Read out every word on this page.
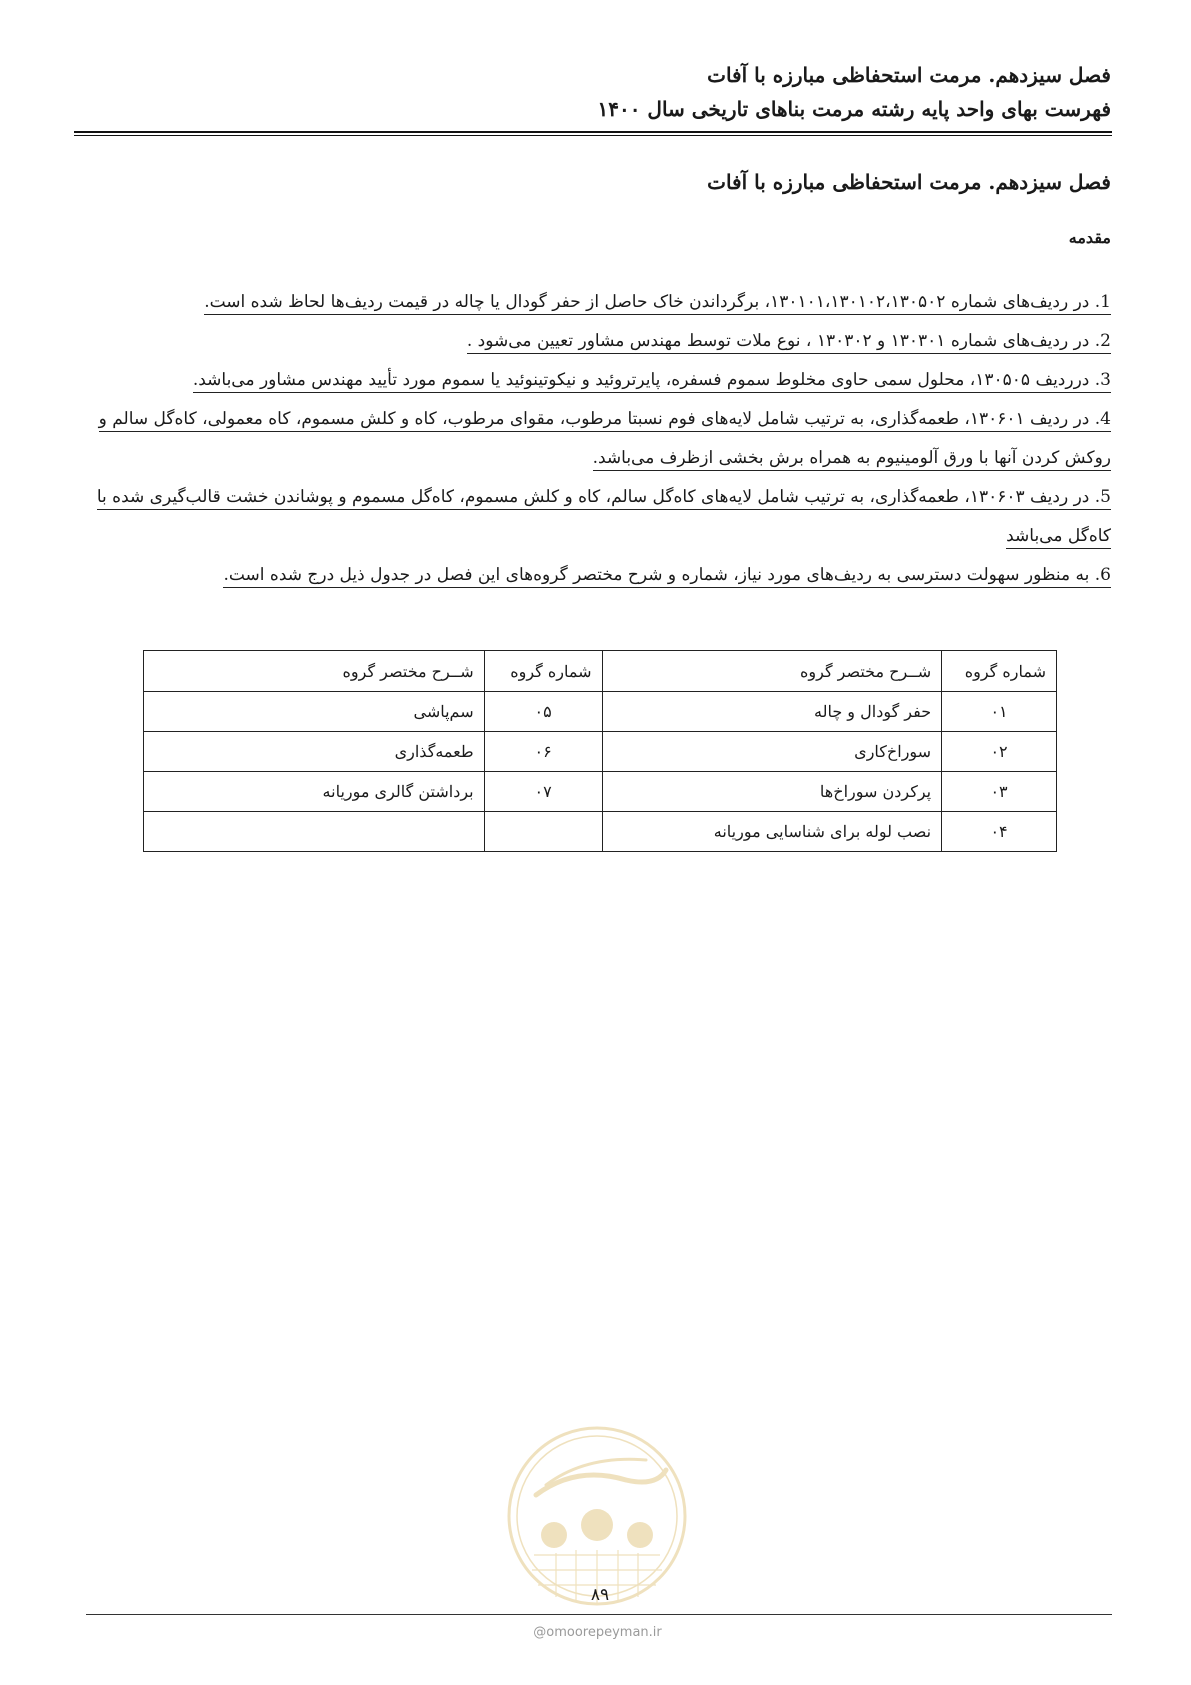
فصل سیزدهم. مرمت استحفاظی مبارزه با آفات
فهرست بهای واحد پایه رشته مرمت بناهای تاریخی سال ۱۴۰۰
فصل سیزدهم. مرمت استحفاظی مبارزه با آفات
مقدمه
1. در ردیف‌های شماره ۱۳۰۱۰۱،۱۳۰۱۰۲،۱۳۰۵۰۲، برگرداندن خاک حاصل از حفر گودال یا چاله در قیمت ردیف‌ها لحاظ شده است.
2. در ردیف‌های شماره ۱۳۰۳۰۱ و ۱۳۰۳۰۲ ، نوع ملات توسط مهندس مشاور تعیین می‌شود .
3. درردیف ۱۳۰۵۰۵، محلول سمی حاوی مخلوط سموم فسفره، پایرتروئید و نیکوتینوئید یا سموم مورد تأیید مهندس مشاور می‌باشد.
4. در ردیف ۱۳۰۶۰۱، طعمه‌گذاری، به ترتیب شامل لایه‌های فوم نسبتا مرطوب، مقوای مرطوب، کاه و کلش مسموم، کاه معمولی، کاه‌گل سالم و روکش کردن آنها با ورق آلومینیوم به همراه برش بخشی ازظرف می‌باشد.
5. در ردیف ۱۳۰۶۰۳، طعمه‌گذاری، به ترتیب شامل لایه‌های کاه‌گل سالم، کاه و کلش مسموم، کاه‌گل مسموم و پوشاندن خشت قالب‌گیری شده با کاه‌گل می‌باشد
6. به منظور سهولت دسترسی به ردیف‌های مورد نیاز، شماره و شرح مختصر گروه‌های این فصل در جدول ذیل درج شده است.
شماره گروه	شــرح مختصر گروه	شماره گروه	شــرح مختصر گروه
۰۱	حفر گودال و چاله	۰۵	سم‌پاشی
۰۲	سوراخ‌کاری	۰۶	طعمه‌گذاری
۰۳	پرکردن سوراخ‌ها	۰۷	برداشتن گالری موریانه
۰۴	نصب لوله برای شناسایی موریانه		
۸۹
@omoorepeyman.ir
